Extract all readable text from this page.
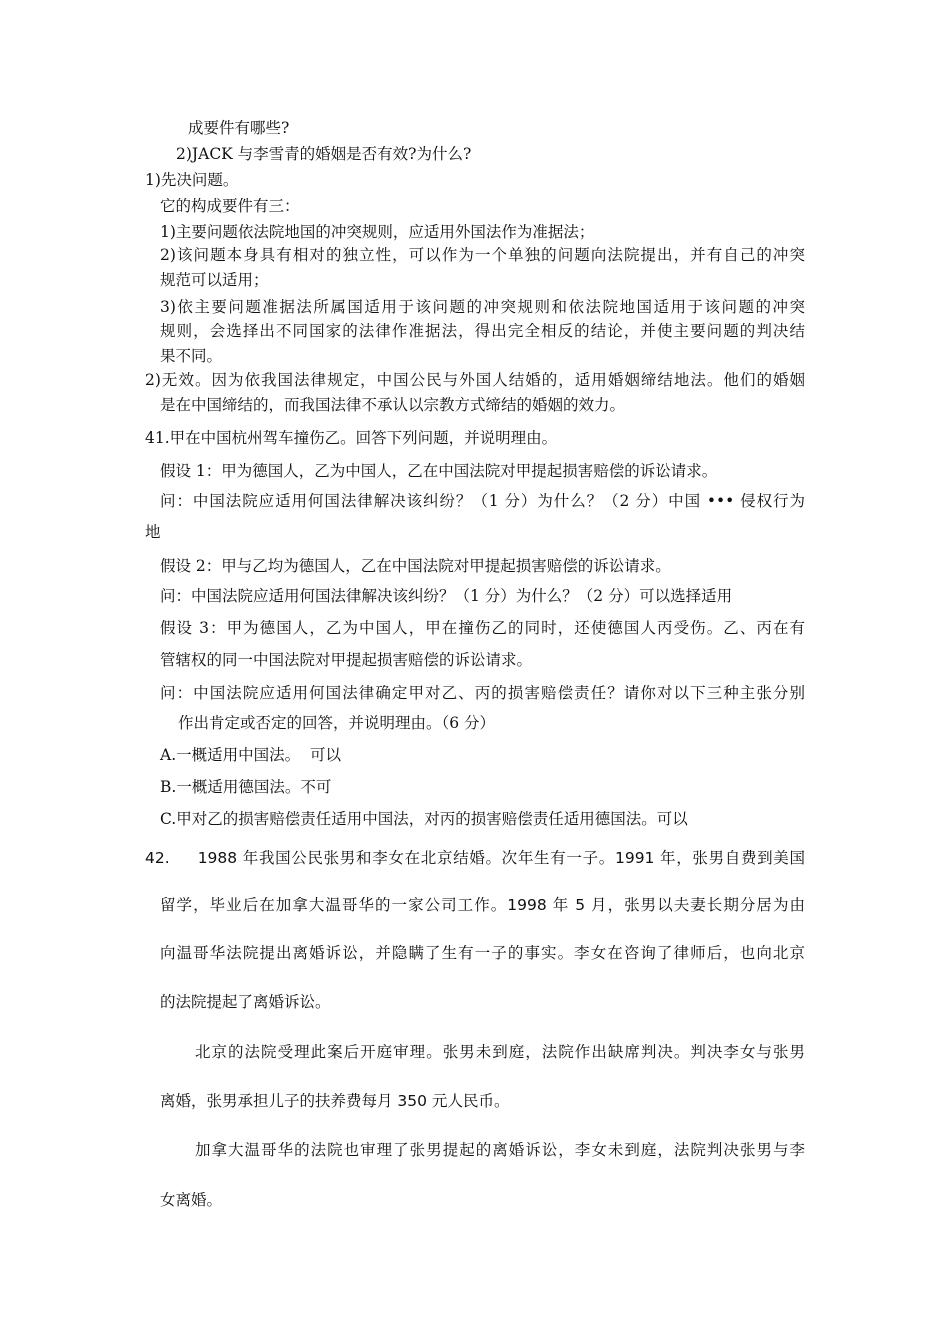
成要件有哪些?
2)JACK 与李雪青的婚姻是否有效?为什么?
1)先决问题。
它的构成要件有三：
1)主要问题依法院地国的冲突规则，应适用外国法作为准据法；
2)该问题本身具有相对的独立性，可以作为一个单独的问题向法院提出，并有自己的冲突
规范可以适用；
3)依主要问题准据法所属国适用于该问题的冲突规则和依法院地国适用于该问题的冲突
规则，会选择出不同国家的法律作准据法，得出完全相反的结论，并使主要问题的判决结
果不同。
2)无效。因为依我国法律规定，中国公民与外国人结婚的，适用婚姻缔结地法。他们的婚姻
是在中国缔结的，而我国法律不承认以宗教方式缔结的婚姻的效力。
41.甲在中国杭州驾车撞伤乙。回答下列问题，并说明理由。
假设 1：甲为德国人，乙为中国人，乙在中国法院对甲提起损害赔偿的诉讼请求。
问：中国法院应适用何国法律解决该纠纷？（1 分）为什么？（2 分）中国 ••• 侵权行为
地
假设 2：甲与乙均为德国人，乙在中国法院对甲提起损害赔偿的诉讼请求。
问：中国法院应适用何国法律解决该纠纷？（1 分）为什么？（2 分）可以选择适用
假设 3：甲为德国人，乙为中国人，甲在撞伤乙的同时，还使德国人丙受伤。乙、丙在有
管辖权的同一中国法院对甲提起损害赔偿的诉讼请求。
问：中国法院应适用何国法律确定甲对乙、丙的损害赔偿责任？请你对以下三种主张分别
作出肯定或否定的回答，并说明理由。（6 分）
A.一概适用中国法。  可以
B.一概适用德国法。不可
C.甲对乙的损害赔偿责任适用中国法，对丙的损害赔偿责任适用德国法。可以
42.     1988 年我国公民张男和李女在北京结婚。次年生有一子。1991 年，张男自费到美国
留学，毕业后在加拿大温哥华的一家公司工作。1998 年 5 月，张男以夫妻长期分居为由
向温哥华法院提出离婚诉讼，并隐瞒了生有一子的事实。李女在咨询了律师后，也向北京
的法院提起了离婚诉讼。
北京的法院受理此案后开庭审理。张男未到庭，法院作出缺席判决。判决李女与张男
离婚，张男承担儿子的扶养费每月 350 元人民币。
加拿大温哥华的法院也审理了张男提起的离婚诉讼，李女未到庭，法院判决张男与李
女离婚。
